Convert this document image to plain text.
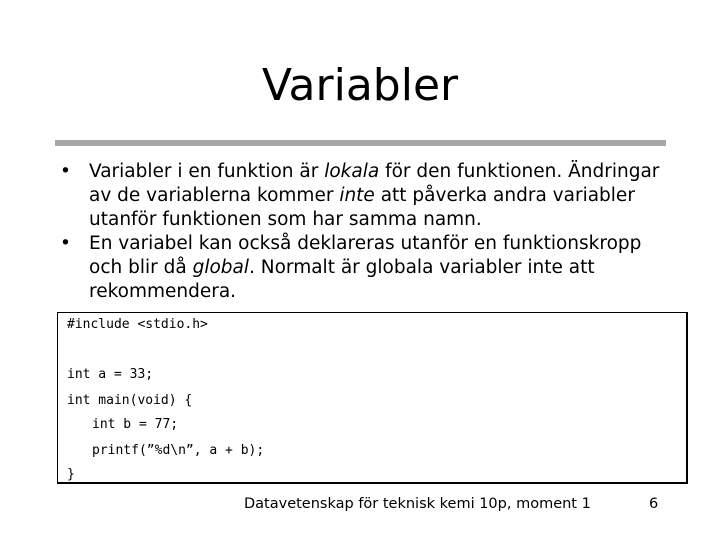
Variabler
• Variabler i en funktion är lokala för den funktionen. Ändringar av de variablerna kommer inte att påverka andra variabler utanför funktionen som har samma namn.
• En variabel kan också deklareras utanför en funktionskropp och blir då global. Normalt är globala variabler inte att rekommendera.
#include <stdio.h>
int a = 33;
int main(void) {
int b = 77;
printf(”%d\n”, a + b);
}
Datavetenskap för teknisk kemi 10p, moment 1	6
